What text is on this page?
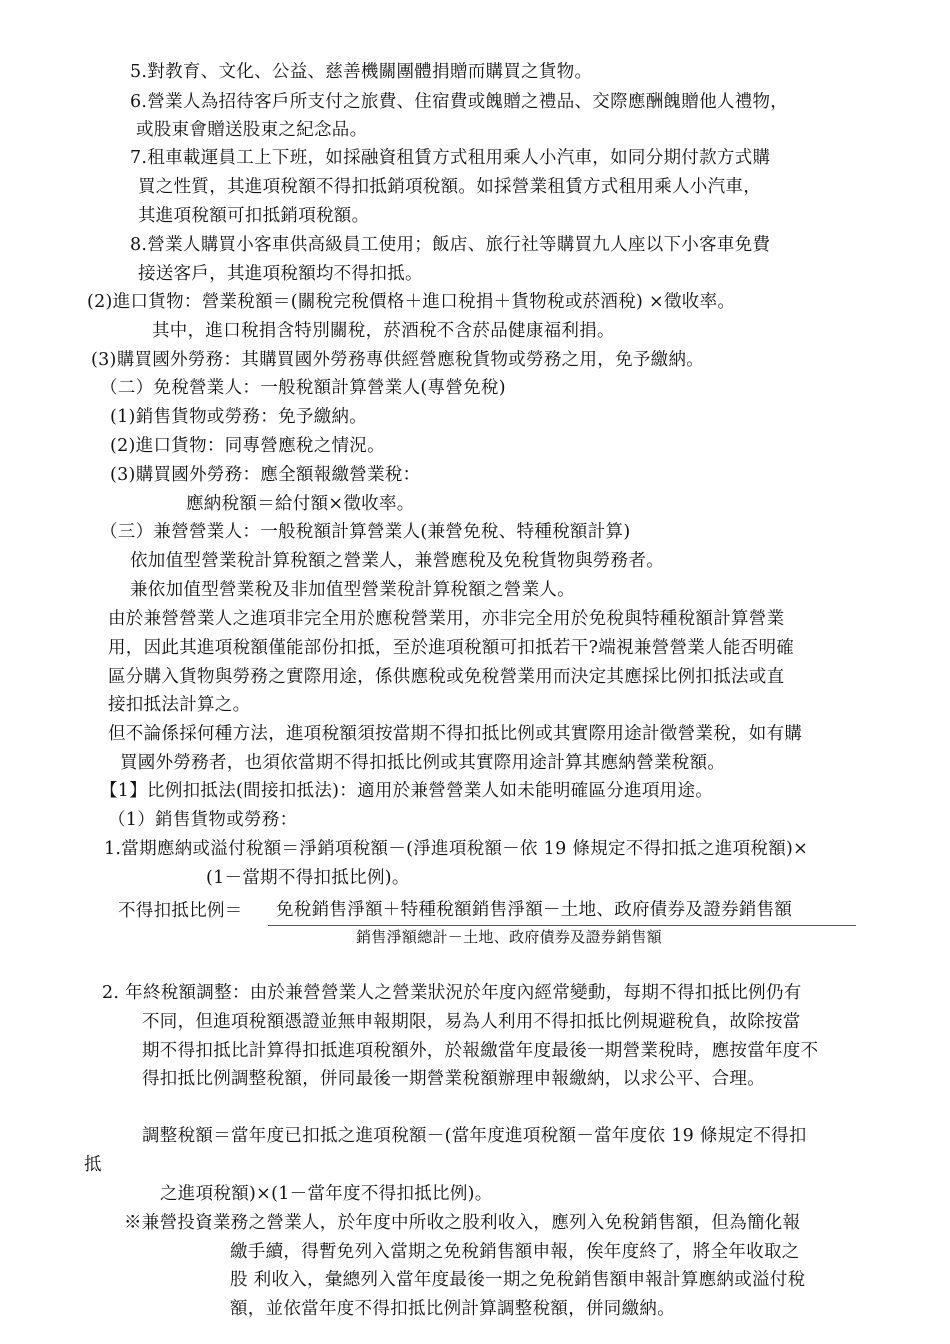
5.對教育、文化、公益、慈善機關團體捐贈而購買之貨物。
6.營業人為招待客戶所支付之旅費、住宿費或餽贈之禮品、交際應酬餽贈他人禮物，
或股東會贈送股東之紀念品。
7.租車載運員工上下班，如採融資租賃方式租用乘人小汽車，如同分期付款方式購
買之性質，其進項稅額不得扣抵銷項稅額。如採營業租賃方式租用乘人小汽車，
其進項稅額可扣抵銷項稅額。
8.營業人購買小客車供高級員工使用；飯店、旅行社等購買九人座以下小客車免費
接送客戶，其進項稅額均不得扣抵。
(2)進口貨物：營業稅額＝(關稅完稅價格＋進口稅捐＋貨物稅或菸酒稅) ×徵收率。
其中，進口稅捐含特別關稅，菸酒稅不含菸品健康福利捐。
(3)購買國外勞務：其購買國外勞務專供經營應稅貨物或勞務之用，免予繳納。
（二）免稅營業人：一般稅額計算營業人(專營免稅)
(1)銷售貨物或勞務：免予繳納。
(2)進口貨物：同專營應稅之情況。
(3)購買國外勞務：應全額報繳營業稅：
應納稅額＝給付額×徵收率。
（三）兼營營業人：一般稅額計算營業人(兼營免稅、特種稅額計算)
依加值型營業稅計算稅額之營業人，兼營應稅及免稅貨物與勞務者。
兼依加值型營業稅及非加值型營業稅計算稅額之營業人。
由於兼營營業人之進項非完全用於應稅營業用，亦非完全用於免稅與特種稅額計算營業
用，因此其進項稅額僅能部份扣抵，至於進項稅額可扣抵若干?端視兼營營業人能否明確
區分購入貨物與勞務之實際用途，係供應稅或免稅營業用而決定其應採比例扣抵法或直
接扣抵法計算之。
但不論係採何種方法，進項稅額須按當期不得扣抵比例或其實際用途計徵營業稅，如有購
買國外勞務者，也須依當期不得扣抵比例或其實際用途計算其應納營業稅額。
【1】比例扣抵法(間接扣抵法)：適用於兼營營業人如未能明確區分進項用途。
（1）銷售貨物或勞務：
1.當期應納或溢付稅額＝淨銷項稅額－(淨進項稅額－依 19 條規定不得扣抵之進項稅額)×
(1－當期不得扣抵比例)。
不得扣抵比例＝ 免稅銷售淨額＋特種稅額銷售淨額－土地、政府債券及證券銷售額
銷售淨額總計－土地、政府債券及證券銷售額
2. 年終稅額調整：由於兼營營業人之營業狀況於年度內經常變動，每期不得扣抵比例仍有
不同，但進項稅額憑證並無申報期限，易為人利用不得扣抵比例規避稅負，故除按當
期不得扣抵比計算得扣抵進項稅額外，於報繳當年度最後一期營業稅時，應按當年度不
得扣抵比例調整稅額，併同最後一期營業稅額辦理申報繳納，以求公平、合理。
調整稅額＝當年度已扣抵之進項稅額－(當年度進項稅額－當年度依 19 條規定不得扣
抵
之進項稅額)×(1－當年度不得扣抵比例)。
※兼營投資業務之營業人，於年度中所收之股利收入，應列入免稅銷售額，但為簡化報
繳手續，得暫免列入當期之免稅銷售額申報，俟年度終了，將全年收取之
股 利收入，彙總列入當年度最後一期之免稅銷售額申報計算應納或溢付稅
額，並依當年度不得扣抵比例計算調整稅額，併同繳納。
